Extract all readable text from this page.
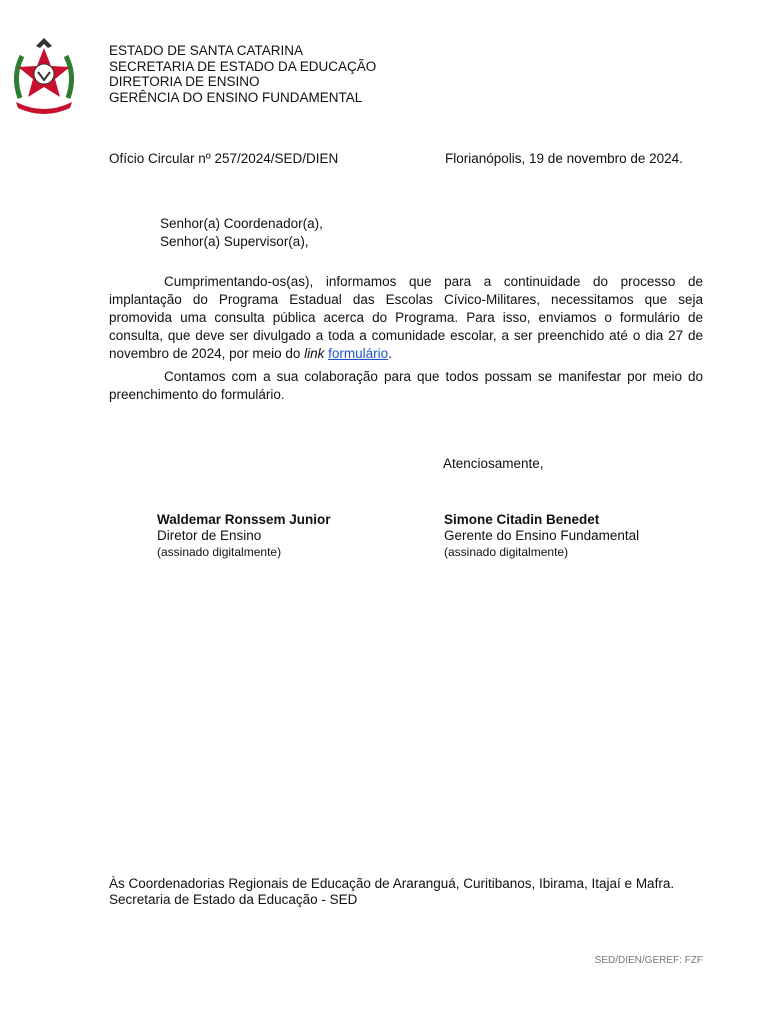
ESTADO DE SANTA CATARINA
SECRETARIA DE ESTADO DA EDUCAÇÃO
DIRETORIA DE ENSINO
GERÊNCIA DO ENSINO FUNDAMENTAL
Ofício Circular nº 257/2024/SED/DIEN	Florianópolis, 19 de novembro de 2024.
Senhor(a) Coordenador(a),
Senhor(a) Supervisor(a),

Cumprimentando-os(as), informamos que para a continuidade do processo de implantação do Programa Estadual das Escolas Cívico-Militares, necessitamos que seja promovida uma consulta pública acerca do Programa. Para isso, enviamos o formulário de consulta, que deve ser divulgado a toda a comunidade escolar, a ser preenchido até o dia 27 de novembro de 2024, por meio do link formulário.

Contamos com a sua colaboração para que todos possam se manifestar por meio do preenchimento do formulário.

Atenciosamente,
Waldemar Ronssem Junior
Diretor de Ensino
(assinado digitalmente)
Simone Citadin Benedet
Gerente do Ensino Fundamental
(assinado digitalmente)
Às Coordenadorias Regionais de Educação de Araranguá, Curitibanos, Ibirama, Itajaí e Mafra.
Secretaria de Estado da Educação - SED
SED/DIEN/GEREF: FZF
